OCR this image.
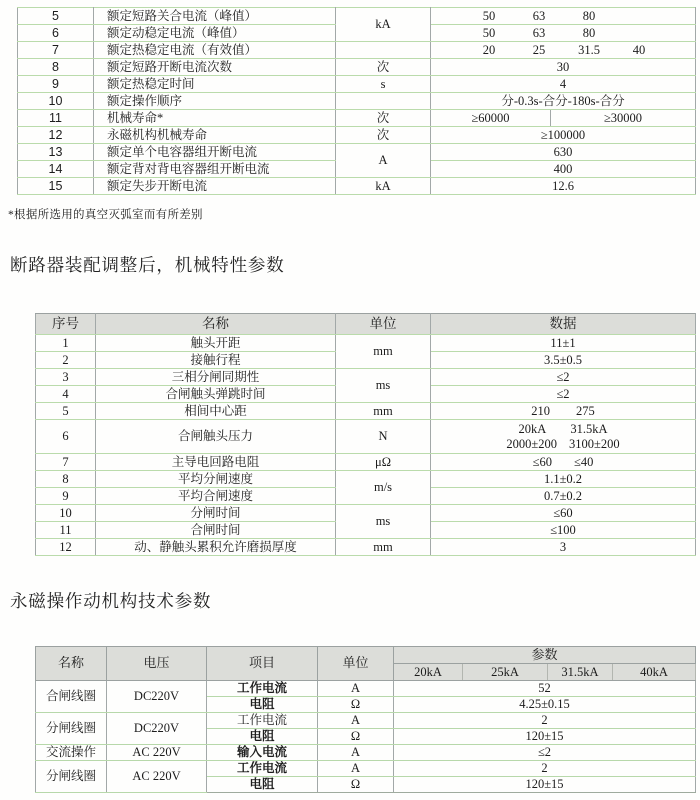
5	额定短路关合电流（峰值）	kA	50 63 80	
6	额定动稳定电流（峰值）		50 63 80	
7	额定热稳定电流（有效值）		20 25 31.5 40	
8	额定短路开断电流次数	次	30	
9	额定热稳定时间	s	4	
10	额定操作顺序		分-0.3s-合分-180s-合分	
11	机械寿命*	次	≥60000	≥30000
12	永磁机构机械寿命	次	≥100000	
13	额定单个电容器组开断电流	A	630	
14	额定背对背电容器组开断电流		400	
15	额定失步开断电流	kA	12.6	
*根据所选用的真空灭弧室而有所差别
断路器装配调整后，机械特性参数
序号	名称	单位	数据
1	触头开距	mm	11±1
2	接触行程		3.5±0.5
3	三相分闸同期性	ms	≤2
4	合闸触头弹跳时间		≤2
5	相间中心距	mm	210 275

6	合闸触头压力	N	20kA 31.5kA
2000±200 3100±200

7	主导电回路电阻	μΩ	≤60 ≤40

8	平均分闸速度	m/s	1.1±0.2
9	平均合闸速度		0.7±0.2
10	分闸时间	ms	≤60
11	合闸时间		≤100
12	动、静触头累积允许磨损厚度	mm	3
永磁操作动机构技术参数
名称	电压	项目	单位	参数			
				20kA	25kA	31.5kA	40kA
合闸线圈	DC220V	工作电流	A	52			
		电阻	Ω	4.25±0.15			
分闸线圈	DC220V	工作电流	A	2			
		电阻	Ω	120±15			
交流操作	AC 220V	输入电流	A	≤2			
分闸线圈	AC 220V	工作电流	A	2			
		电阻	Ω	120±15			
